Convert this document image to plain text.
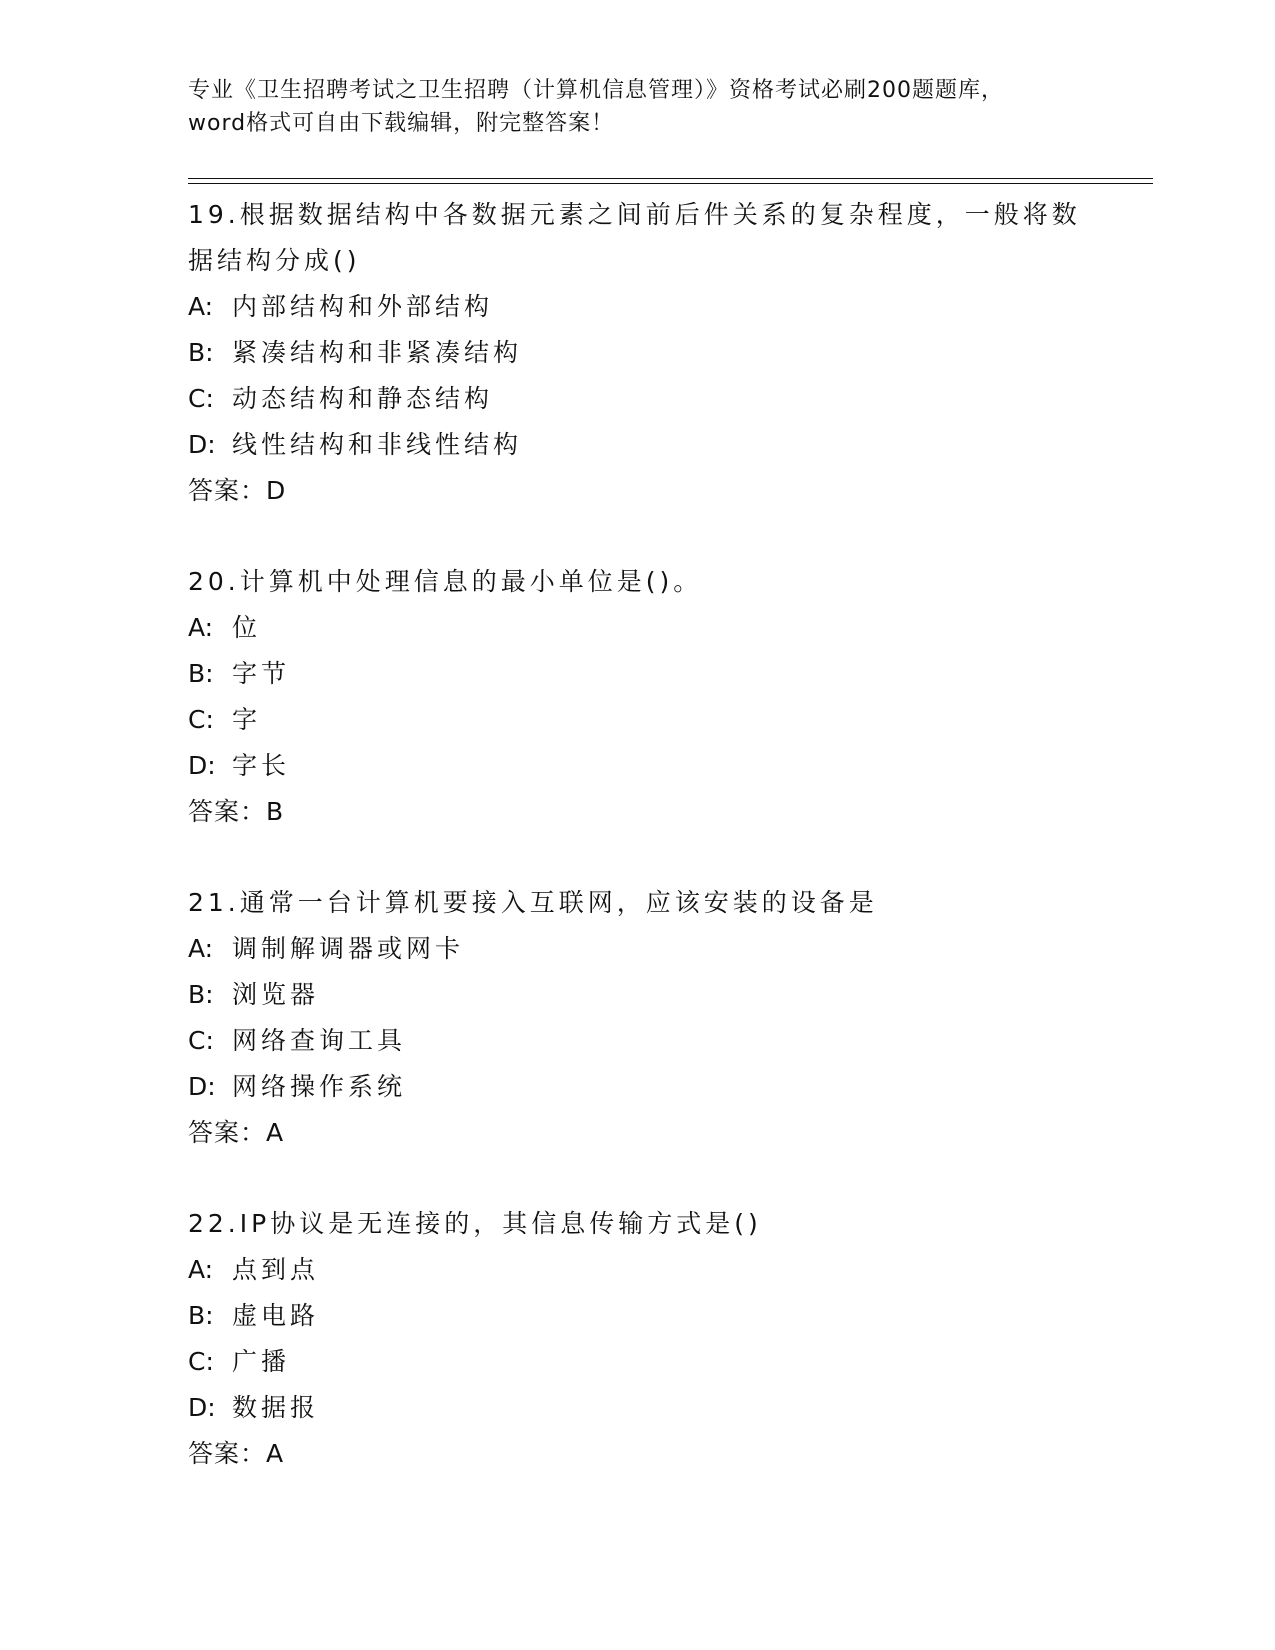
专业《卫生招聘考试之卫生招聘（计算机信息管理）》资格考试必刷200题题库，
word格式可自由下载编辑，附完整答案！
19.根据数据结构中各数据元素之间前后件关系的复杂程度，一般将数据结构分成()
A: 内部结构和外部结构
B: 紧凑结构和非紧凑结构
C: 动态结构和静态结构
D: 线性结构和非线性结构
答案：D
20.计算机中处理信息的最小单位是()。
A: 位
B: 字节
C: 字
D: 字长
答案：B
21.通常一台计算机要接入互联网，应该安装的设备是
A: 调制解调器或网卡
B: 浏览器
C: 网络查询工具
D: 网络操作系统
答案：A
22.IP协议是无连接的，其信息传输方式是()
A: 点到点
B: 虚电路
C: 广播
D: 数据报
答案：A
